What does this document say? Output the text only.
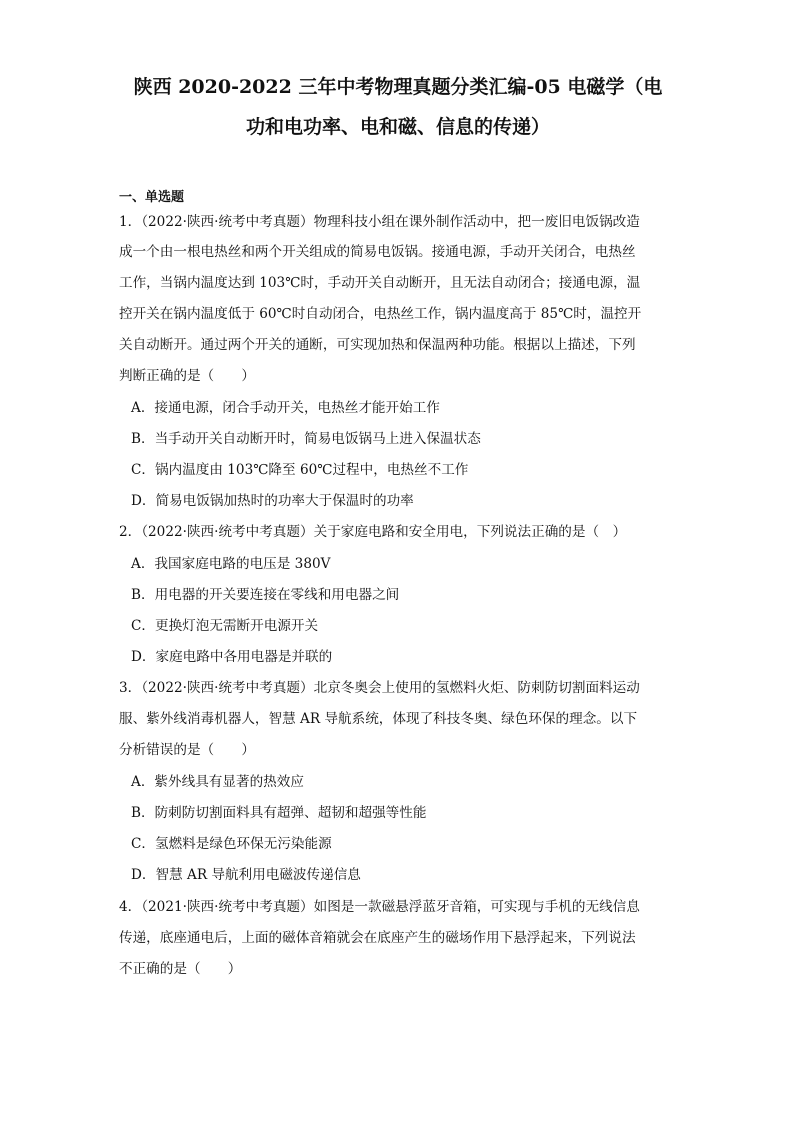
陕西 2020-2022 三年中考物理真题分类汇编-05 电磁学（电
功和电功率、电和磁、信息的传递）
一、单选题
1．（2022·陕西·统考中考真题）物理科技小组在课外制作活动中，把一废旧电饭锅改造
成一个由一根电热丝和两个开关组成的简易电饭锅。接通电源，手动开关闭合，电热丝
工作，当锅内温度达到 103℃时，手动开关自动断开，且无法自动闭合；接通电源，温
控开关在锅内温度低于 60℃时自动闭合，电热丝工作，锅内温度高于 85℃时，温控开
关自动断开。通过两个开关的通断，可实现加热和保温两种功能。根据以上描述，下列
判断正确的是（　　）
A．接通电源，闭合手动开关，电热丝才能开始工作
B．当手动开关自动断开时，简易电饭锅马上进入保温状态
C．锅内温度由 103℃降至 60℃过程中，电热丝不工作
D．简易电饭锅加热时的功率大于保温时的功率
2．（2022·陕西·统考中考真题）关于家庭电路和安全用电，下列说法正确的是（　）
A．我国家庭电路的电压是 380V
B．用电器的开关要连接在零线和用电器之间
C．更换灯泡无需断开电源开关
D．家庭电路中各用电器是并联的
3．（2022·陕西·统考中考真题）北京冬奥会上使用的氢燃料火炬、防刺防切割面料运动
服、紫外线消毒机器人，智慧 AR 导航系统，体现了科技冬奥、绿色环保的理念。以下
分析错误的是（　　）
A．紫外线具有显著的热效应
B．防刺防切割面料具有超弹、超韧和超强等性能
C．氢燃料是绿色环保无污染能源
D．智慧 AR 导航利用电磁波传递信息
4．（2021·陕西·统考中考真题）如图是一款磁悬浮蓝牙音箱，可实现与手机的无线信息
传递，底座通电后，上面的磁体音箱就会在底座产生的磁场作用下悬浮起来，下列说法
不正确的是（　　）
